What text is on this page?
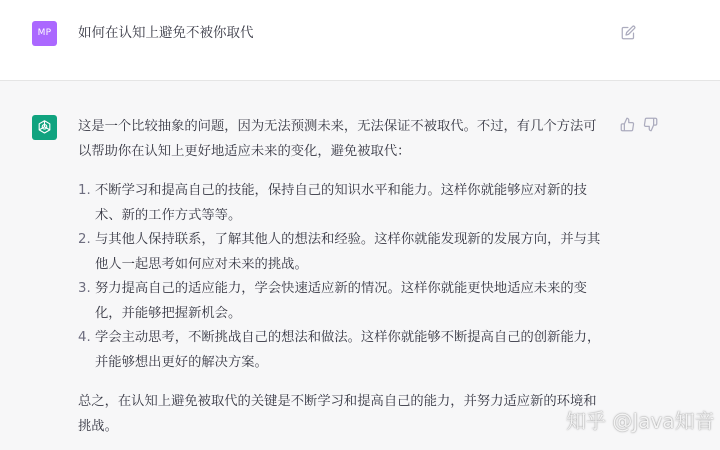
MP	如何在认知上避免不被你取代

这是一个比较抽象的问题，因为无法预测未来，无法保证不被取代。不过，有几个方法可以帮助你在认知上更好地适应未来的变化，避免被取代：

1. 不断学习和提高自己的技能，保持自己的知识水平和能力。这样你就能够应对新的技术、新的工作方式等等。
2. 与其他人保持联系，了解其他人的想法和经验。这样你就能发现新的发展方向，并与其他人一起思考如何应对未来的挑战。
3. 努力提高自己的适应能力，学会快速适应新的情况。这样你就能更快地适应未来的变化，并能够把握新机会。
4. 学会主动思考，不断挑战自己的想法和做法。这样你就能够不断提高自己的创新能力，并能够想出更好的解决方案。

总之，在认知上避免被取代的关键是不断学习和提高自己的能力，并努力适应新的环境和挑战。	知乎 @Java知音
